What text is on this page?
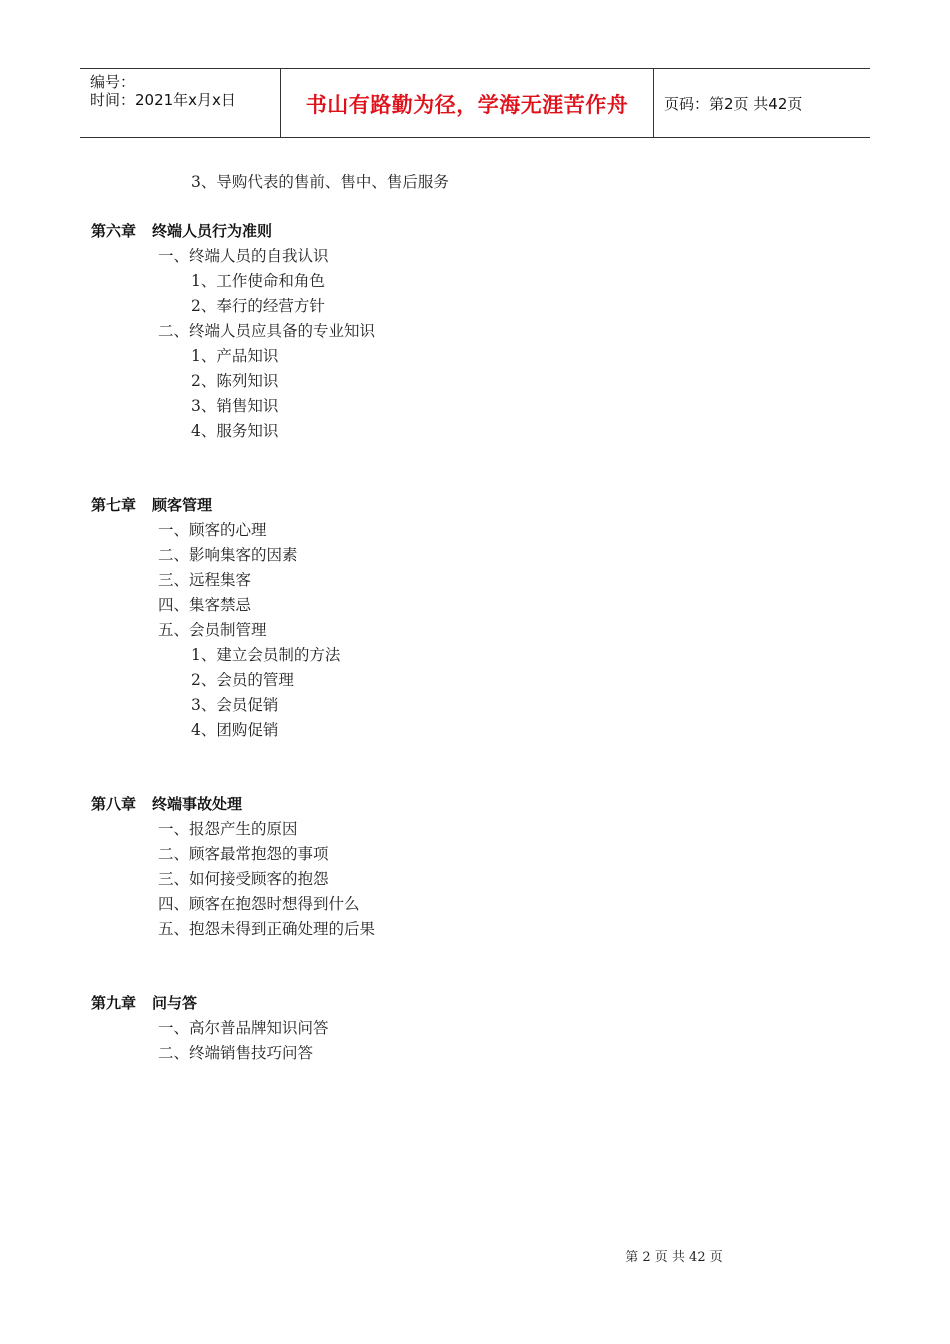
编号：
时间：2021年x月x日	书山有路勤为径，学海无涯苦作舟 页码：第2页 共42页
3、导购代表的售前、售中、售后服务
第六章 终端人员行为准则
一、终端人员的自我认识
1、工作使命和角色
2、奉行的经营方针
二、终端人员应具备的专业知识
1、产品知识
2、陈列知识
3、销售知识
4、服务知识
第七章 顾客管理
一、顾客的心理
二、影响集客的因素
三、远程集客
四、集客禁忌
五、会员制管理
1、建立会员制的方法
2、会员的管理
3、会员促销
4、团购促销
第八章 终端事故处理
一、报怨产生的原因
二、顾客最常抱怨的事项
三、如何接受顾客的抱怨
四、顾客在抱怨时想得到什么
五、抱怨未得到正确处理的后果
第九章 问与答
一、高尔普品牌知识问答
二、终端销售技巧问答
第 2 页 共 42 页
